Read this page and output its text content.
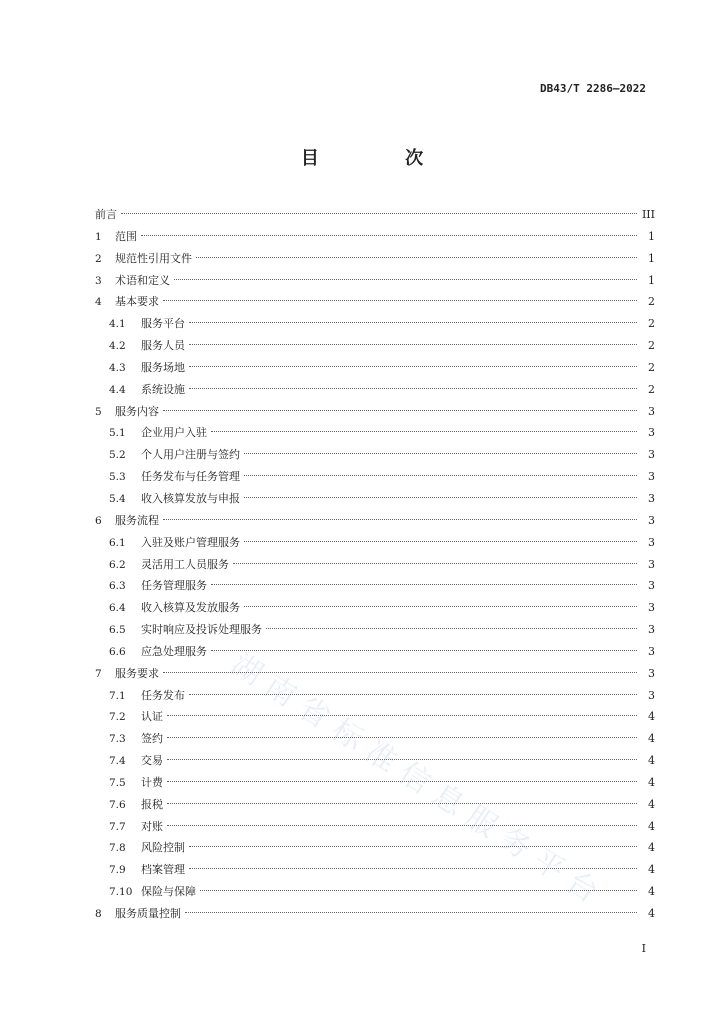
DB43/T 2286—2022
目 次
湖南省标准信息服务平台
前言	III
1	范围	1
2	规范性引用文件	1
3	术语和定义	1
4	基本要求	2
4.1	服务平台	2
4.2	服务人员	2
4.3	服务场地	2
4.4	系统设施	2
5	服务内容	3
5.1	企业用户入驻	3
5.2	个人用户注册与签约	3
5.3	任务发布与任务管理	3
5.4	收入核算发放与申报	3
6	服务流程	3
6.1	入驻及账户管理服务	3
6.2	灵活用工人员服务	3
6.3	任务管理服务	3
6.4	收入核算及发放服务	3
6.5	实时响应及投诉处理服务	3
6.6	应急处理服务	3
7	服务要求	3
7.1	任务发布	3
7.2	认证	4
7.3	签约	4
7.4	交易	4
7.5	计费	4
7.6	报税	4
7.7	对账	4
7.8	风险控制	4
7.9	档案管理	4
7.10 保险与保障	4
8	服务质量控制	4
I
